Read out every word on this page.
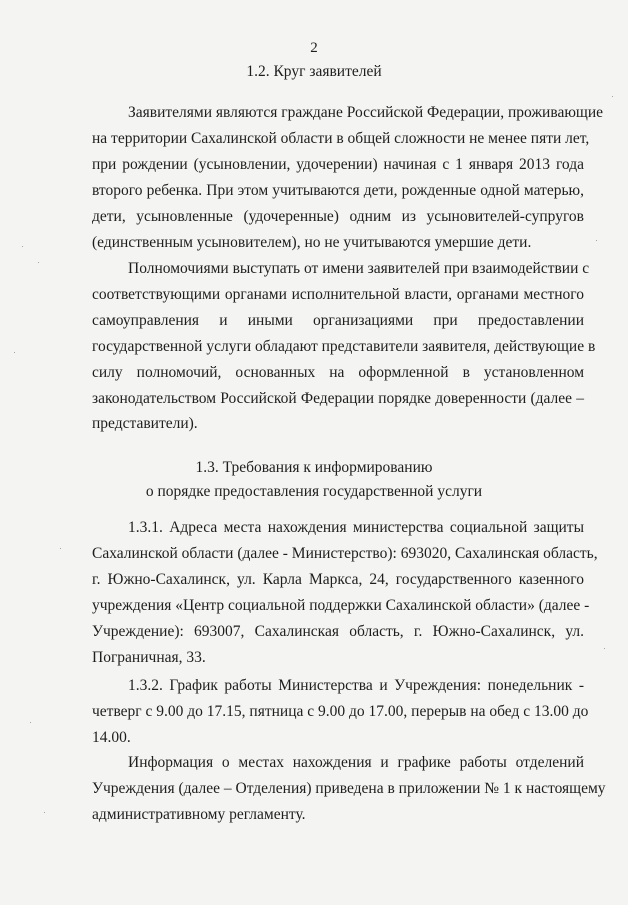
2
1.2. Круг заявителей

Заявителями являются граждане Российской Федерации, проживающие
на территории Сахалинской области в общей сложности не менее пяти лет,
при рождении (усыновлении, удочерении) начиная с 1 января 2013 года
второго ребенка. При этом учитываются дети, рожденные одной матерью,
дети, усыновленные (удочеренные) одним из усыновителей-супругов
(единственным усыновителем), но не учитываются умершие дети.

Полномочиями выступать от имени заявителей при взаимодействии с
соответствующими органами исполнительной власти, органами местного
самоуправления и иными организациями при предоставлении
государственной услуги обладают представители заявителя, действующие в
силу полномочий, основанных на оформленной в установленном
законодательством Российской Федерации порядке доверенности (далее –
представители).

1.3. Требования к информированию
о порядке предоставления государственной услуги

1.3.1. Адреса места нахождения министерства социальной защиты
Сахалинской области (далее - Министерство): 693020, Сахалинская область,
г. Южно-Сахалинск, ул. Карла Маркса, 24, государственного казенного
учреждения «Центр социальной поддержки Сахалинской области» (далее -
Учреждение): 693007, Сахалинская область, г. Южно-Сахалинск, ул.
Пограничная, 33.

1.3.2. График работы Министерства и Учреждения: понедельник -
четверг с 9.00 до 17.15, пятница с 9.00 до 17.00, перерыв на обед с 13.00 до
14.00.

Информация о местах нахождения и графике работы отделений
Учреждения (далее – Отделения) приведена в приложении № 1 к настоящему
административному регламенту.
